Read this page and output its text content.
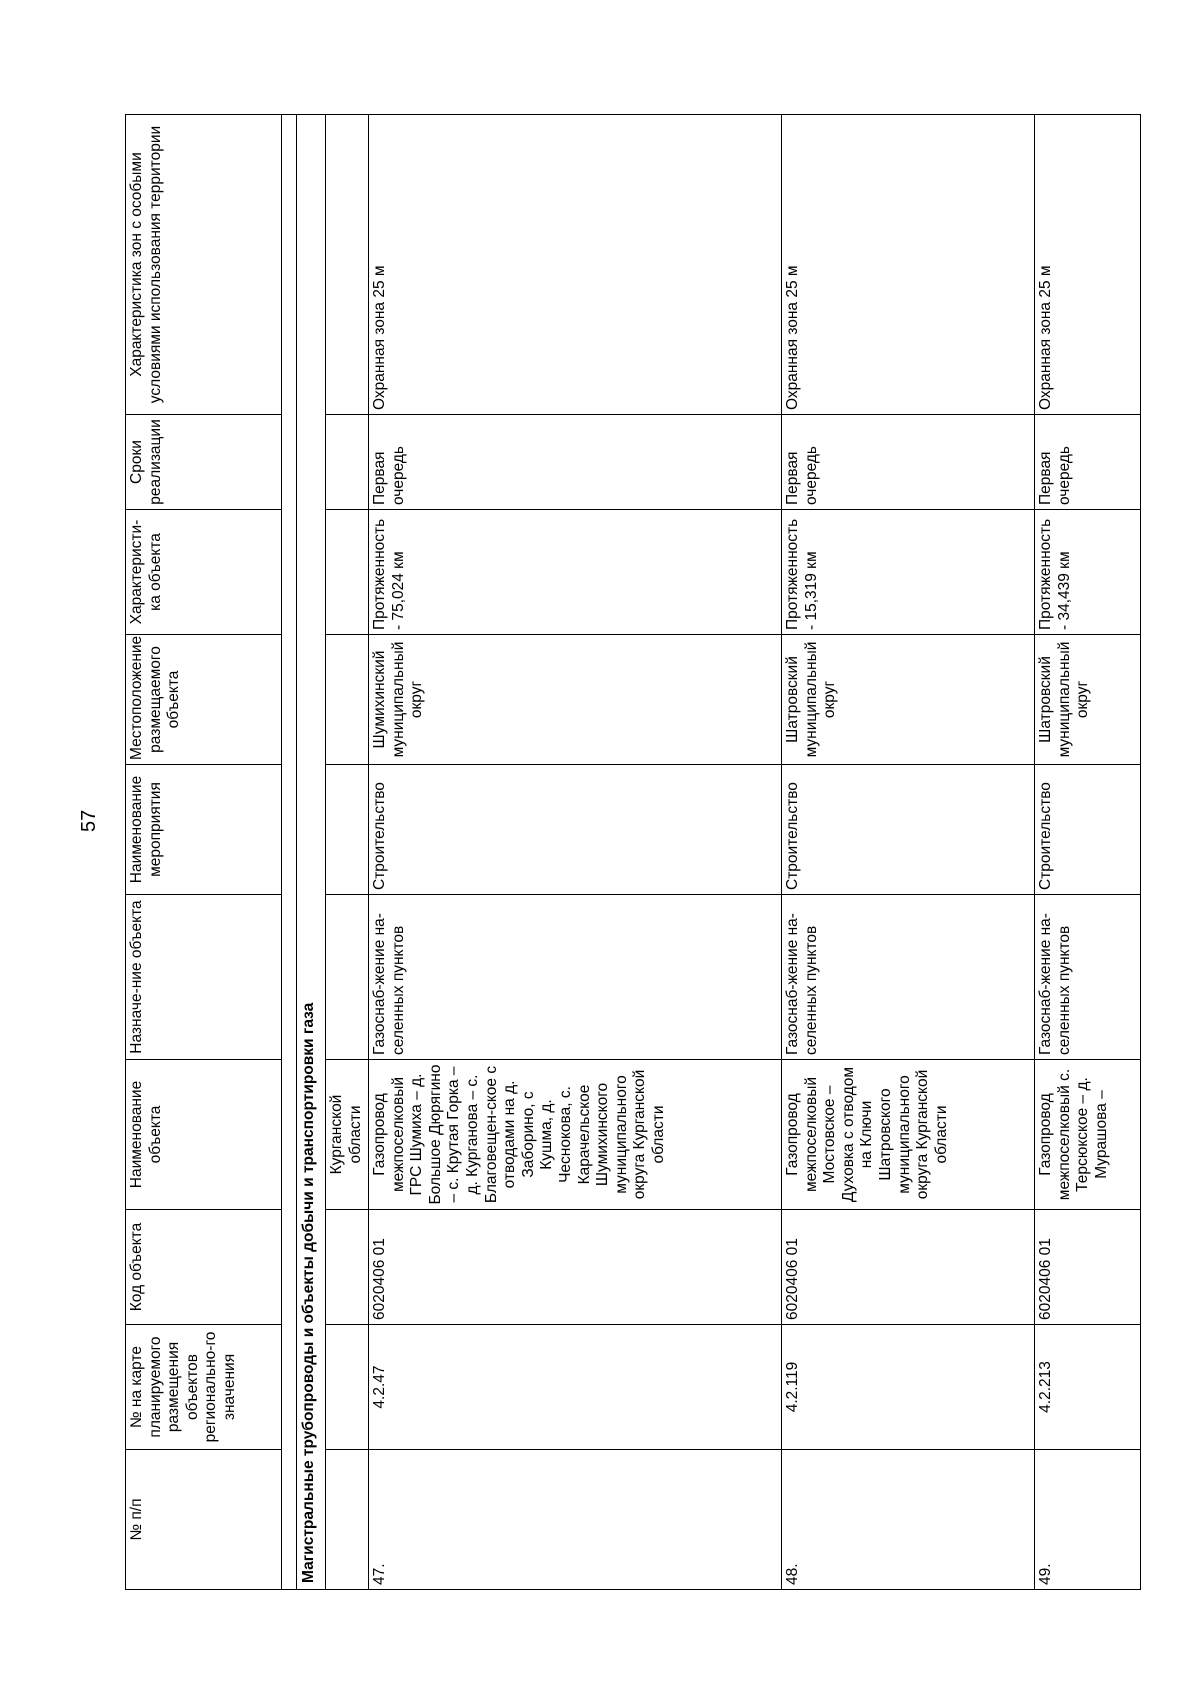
57
№ п/п	№ на карте планируемого размещения объектов регионально-го значения	Код объекта	Наименование объекта	Назначе-ние объекта	Наименование мероприятия	Местоположение размещаемого объекта	Характеристи-ка объекта	Сроки реализации	Характеристика зон с особыми условиями использования территории

Магистральные трубопроводы и объекты добычи и транспортировки газа									
			Курганской области						
47.	4.2.47	6020406 01	Газопровод межпоселковый ГРС Шумиха – д. Большое Дюрягино – с. Крутая Горка – д. Курганова – с. Благовещен-ское с отводами на д. Заборино, с Кушма, д. Чеснокова, с. Карачельское Шумихинского муниципального округа Курганской области	Газоснаб-жение на-селенных пунктов	Строительство	Шумихинский муниципальный округ	Протяженность - 75,024 км	Первая очередь	Охранная зона 25 м
48.	4.2.119	6020406 01	Газопровод межпоселковый Мостовское – Духовка с отводом на Ключи Шатровского муниципального округа Курганской области	Газоснаб-жение на-селенных пунктов	Строительство	Шатровский муниципальный округ	Протяженность - 15,319 км	Первая очередь	Охранная зона 25 м
49.	4.2.213	6020406 01	Газопровод межпоселковый с. Терсюкское – д. Мурашова –	Газоснаб-жение на-селенных пунктов	Строительство	Шатровский муниципальный округ	Протяженность - 34,439 км	Первая очередь	Охранная зона 25 м
